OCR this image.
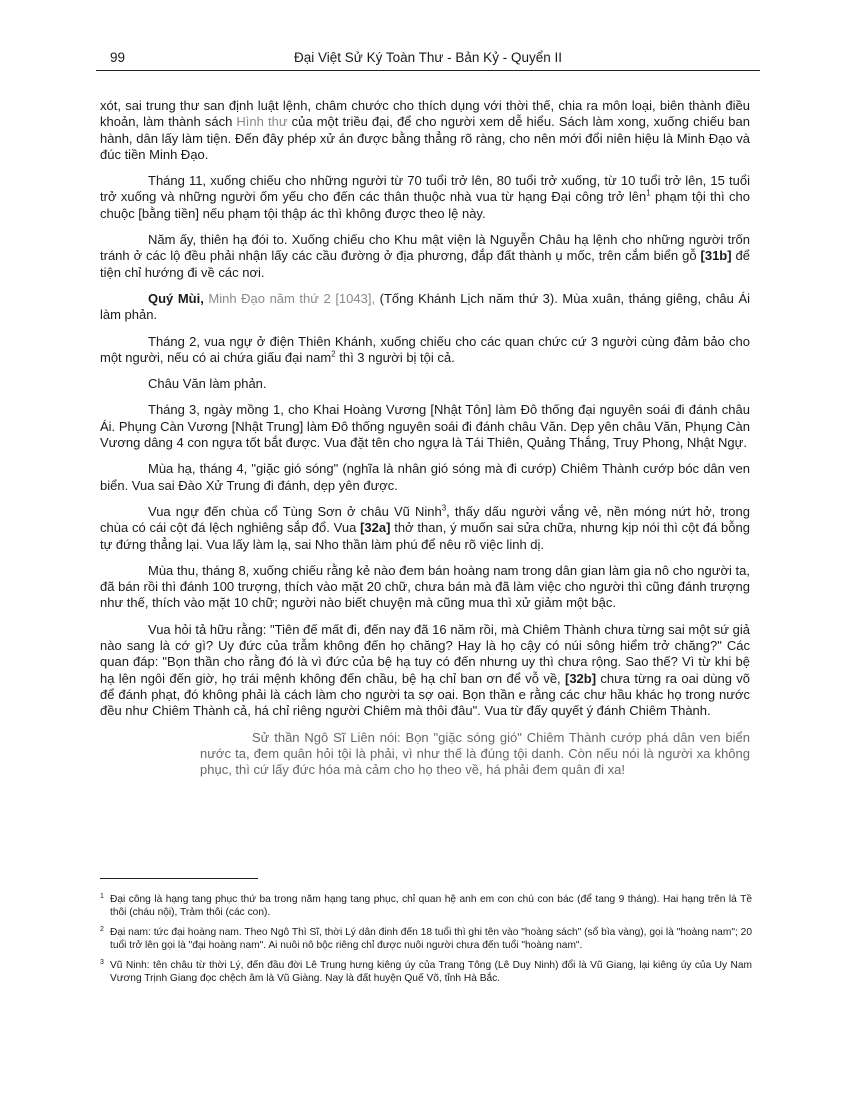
99	Đại Việt Sử Ký Toàn Thư - Bản Kỷ - Quyển II

xót, sai trung thư san định luật lệnh, châm chước cho thích dụng với thời thế, chia ra môn loại, biên thành điều khoản, làm thành sách Hình thư của một triều đại, để cho người xem dễ hiểu. Sách làm xong, xuống chiếu ban hành, dân lấy làm tiện. Đến đây phép xử án được bằng thẳng rõ ràng, cho nên mới đổi niên hiệu là Minh Đạo và đúc tiền Minh Đạo.

Tháng 11, xuống chiếu cho những người từ 70 tuổi trở lên, 80 tuổi trở xuống, từ 10 tuổi trở lên, 15 tuổi trở xuống và những người ốm yếu cho đến các thân thuộc nhà vua từ hạng Đại công trở lên$^1$ phạm tội thì cho chuộc [bằng tiền] nếu phạm tội thập ác thì không được theo lệ này.

Năm ấy, thiên hạ đói to. Xuống chiếu cho Khu mật viện là Nguyễn Châu hạ lệnh cho những người trốn tránh ở các lộ đều phải nhận lấy các cầu đường ở địa phương, đắp đất thành ụ mốc, trên cắm biển gỗ [31b] để tiện chỉ hướng đi về các nơi.

Quý Mùi, Minh Đạo năm thứ 2 [1043], (Tống Khánh Lịch năm thứ 3). Mùa xuân, tháng giêng, châu Ái làm phản.

Tháng 2, vua ngự ở điện Thiên Khánh, xuống chiếu cho các quan chức cứ 3 người cùng đảm bảo cho một người, nếu có ai chứa giấu đại nam$^2$ thì 3 người bị tội cả.

Châu Văn làm phản.

Tháng 3, ngày mồng 1, cho Khai Hoàng Vương [Nhật Tôn] làm Đô thống đại nguyên soái đi đánh châu Ái. Phụng Càn Vương [Nhật Trung] làm Đô thống nguyên soái đi đánh châu Văn. Dẹp yên châu Văn, Phụng Càn Vương dâng 4 con ngựa tốt bắt được. Vua đặt tên cho ngựa là Tái Thiên, Quảng Thắng, Truy Phong, Nhật Ngự.

Mùa hạ, tháng 4, "giặc gió sóng" (nghĩa là nhân gió sóng mà đi cướp) Chiêm Thành cướp bóc dân ven biển. Vua sai Đào Xử Trung đi đánh, dẹp yên được.

Vua ngự đến chùa cổ Tùng Sơn ở châu Vũ Ninh$^3$, thấy dấu người vắng vẻ, nền móng nứt hở, trong chùa có cái cột đá lệch nghiêng sắp đổ. Vua [32a] thở than, ý muốn sai sửa chữa, nhưng kịp nói thì cột đá bỗng tự đứng thẳng lại. Vua lấy làm lạ, sai Nho thần làm phú để nêu rõ việc linh dị.

Mùa thu, tháng 8, xuống chiếu rằng kẻ nào đem bán hoàng nam trong dân gian làm gia nô cho người ta, đã bán rồi thì đánh 100 trượng, thích vào mặt 20 chữ, chưa bán mà đã làm việc cho người thì cũng đánh trượng như thế, thích vào mặt 10 chữ; người nào biết chuyện mà cũng mua thì xử giảm một bậc.

Vua hỏi tả hữu rằng: "Tiên đế mất đi, đến nay đã 16 năm rồi, mà Chiêm Thành chưa từng sai một sứ giả nào sang là cớ gì? Uy đức của trẫm không đến họ chăng? Hay là họ cậy có núi sông hiểm trở chăng?" Các quan đáp: "Bọn thần cho rằng đó là vì đức của bệ hạ tuy có đến nhưng uy thì chưa rộng. Sao thế? Vì từ khi bệ hạ lên ngôi đến giờ, họ trái mệnh không đến chầu, bệ hạ chỉ ban ơn để vỗ về, [32b] chưa từng ra oai dùng võ để đánh phạt, đó không phải là cách làm cho người ta sợ oai. Bọn thần e rằng các chư hầu khác họ trong nước đều như Chiêm Thành cả, há chỉ riêng người Chiêm mà thôi đâu". Vua từ đấy quyết ý đánh Chiêm Thành.

Sử thần Ngô Sĩ Liên nói: Bọn "giặc sóng gió" Chiêm Thành cướp phá dân ven biển nước ta, đem quân hỏi tội là phải, vì như thế là đúng tội danh. Còn nếu nói là người xa không phục, thì cứ lấy đức hóa mà cảm cho họ theo về, há phải đem quân đi xa!

1 Đại công là hạng tang phục thứ ba trong năm hạng tang phục, chỉ quan hệ anh em con chú con bác (để tang 9 tháng). Hai hạng trên là Tề thôi (cháu nội), Trảm thôi (các con).
2 Đại nam: tức đại hoàng nam. Theo Ngô Thì Sĩ, thời Lý dân đinh đến 18 tuổi thì ghi tên vào "hoàng sách" (sổ bìa vàng), gọi là "hoàng nam"; 20 tuổi trở lên gọi là "đại hoàng nam". Ai nuôi nô bộc riêng chỉ được nuôi người chưa đến tuổi "hoàng nam".
3 Vũ Ninh: tên châu từ thời Lý, đến đầu đời Lê Trung hưng kiêng úy của Trang Tông (Lê Duy Ninh) đổi là Vũ Giang, lại kiêng úy của Uy Nam Vương Trịnh Giang đọc chệch âm là Vũ Giàng. Nay là đất huyện Quế Võ, tỉnh Hà Bắc.
